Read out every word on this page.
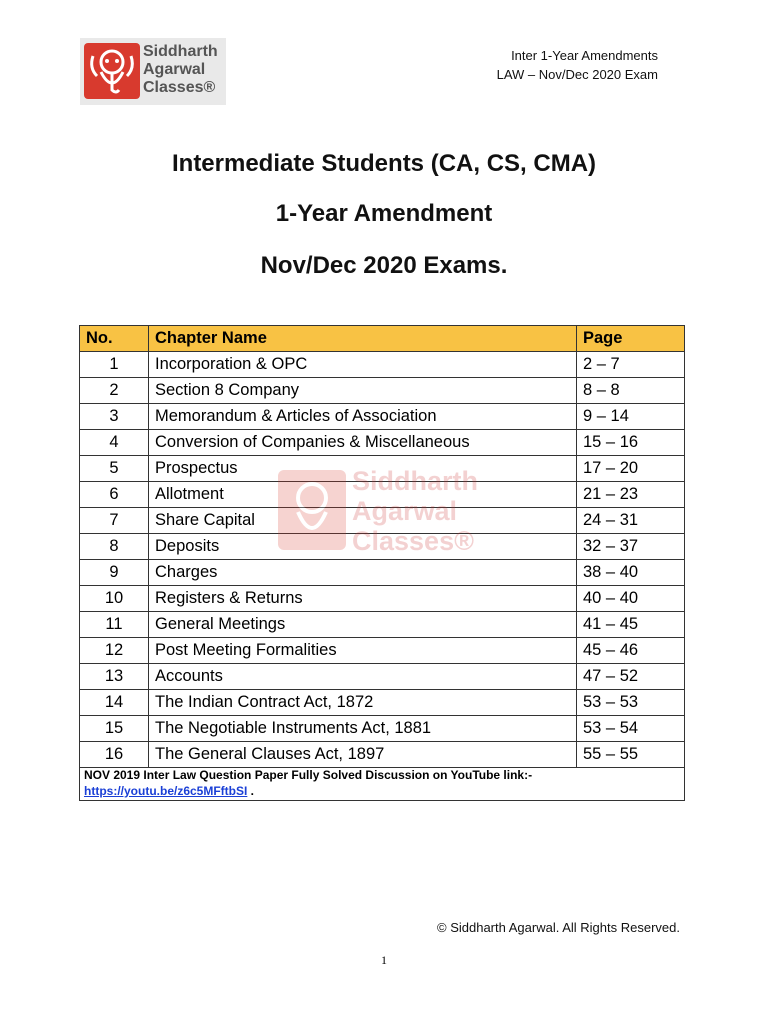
Siddharth
Agarwal
Classes®
Inter 1-Year Amendments
LAW – Nov/Dec 2020 Exam
Intermediate Students (CA, CS, CMA)
1-Year Amendment
Nov/Dec 2020 Exams.
No.	Chapter Name	Page
1	Incorporation & OPC	2 – 7
2	Section 8 Company	8 – 8
3	Memorandum & Articles of Association	9 – 14
4	Conversion of Companies & Miscellaneous	15 – 16
5	Prospectus	17 – 20
6	Allotment	21 – 23
7	Share Capital	24 – 31
8	Deposits	32 – 37
9	Charges	38 – 40
10	Registers & Returns	40 – 40
11	General Meetings	41 – 45
12	Post Meeting Formalities	45 – 46
13	Accounts	47 – 52
14	The Indian Contract Act, 1872	53 – 53
15	The Negotiable Instruments Act, 1881	53 – 54
16	The General Clauses Act, 1897	55 – 55
NOV 2019 Inter Law Question Paper Fully Solved Discussion on YouTube link:-
https://youtu.be/z6c5MFftbSI .
Siddharth
Agarwal
Classes®
© Siddharth Agarwal. All Rights Reserved.
1
